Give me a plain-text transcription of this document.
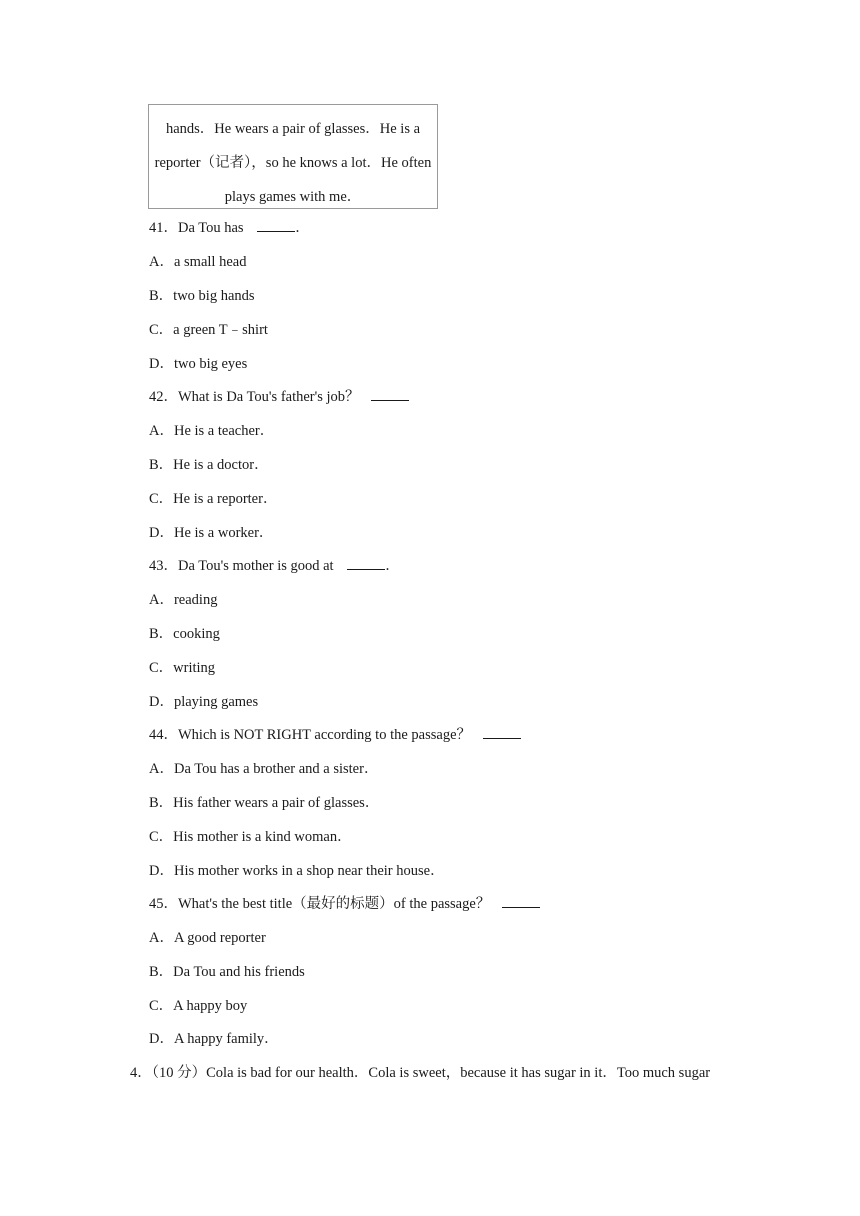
hands．He wears a pair of glasses．He is a
reporter（记者），so he knows a lot．He often
plays games with me．
41．Da Tou has	．
A．a small head
B．two big hands
C．a green T﹣shirt
D．two big eyes
42．What is Da Tou's father's job？
A．He is a teacher．
B．He is a doctor．
C．He is a reporter．
D．He is a worker．
43．Da Tou's mother is good at	．
A．reading
B．cooking
C．writing
D．playing games
44．Which is NOT RIGHT according to the passage？
A．Da Tou has a brother and a sister．
B．His father wears a pair of glasses．
C．His mother is a kind woman．
D．His mother works in a shop near their house．
45．What's the best title（最好的标题）of the passage？
A．A good reporter
B．Da Tou and his friends
C．A happy boy
D．A happy family．
4．（10 分）Cola is bad for our health．Cola is sweet，because it has sugar in it．Too much sugar
